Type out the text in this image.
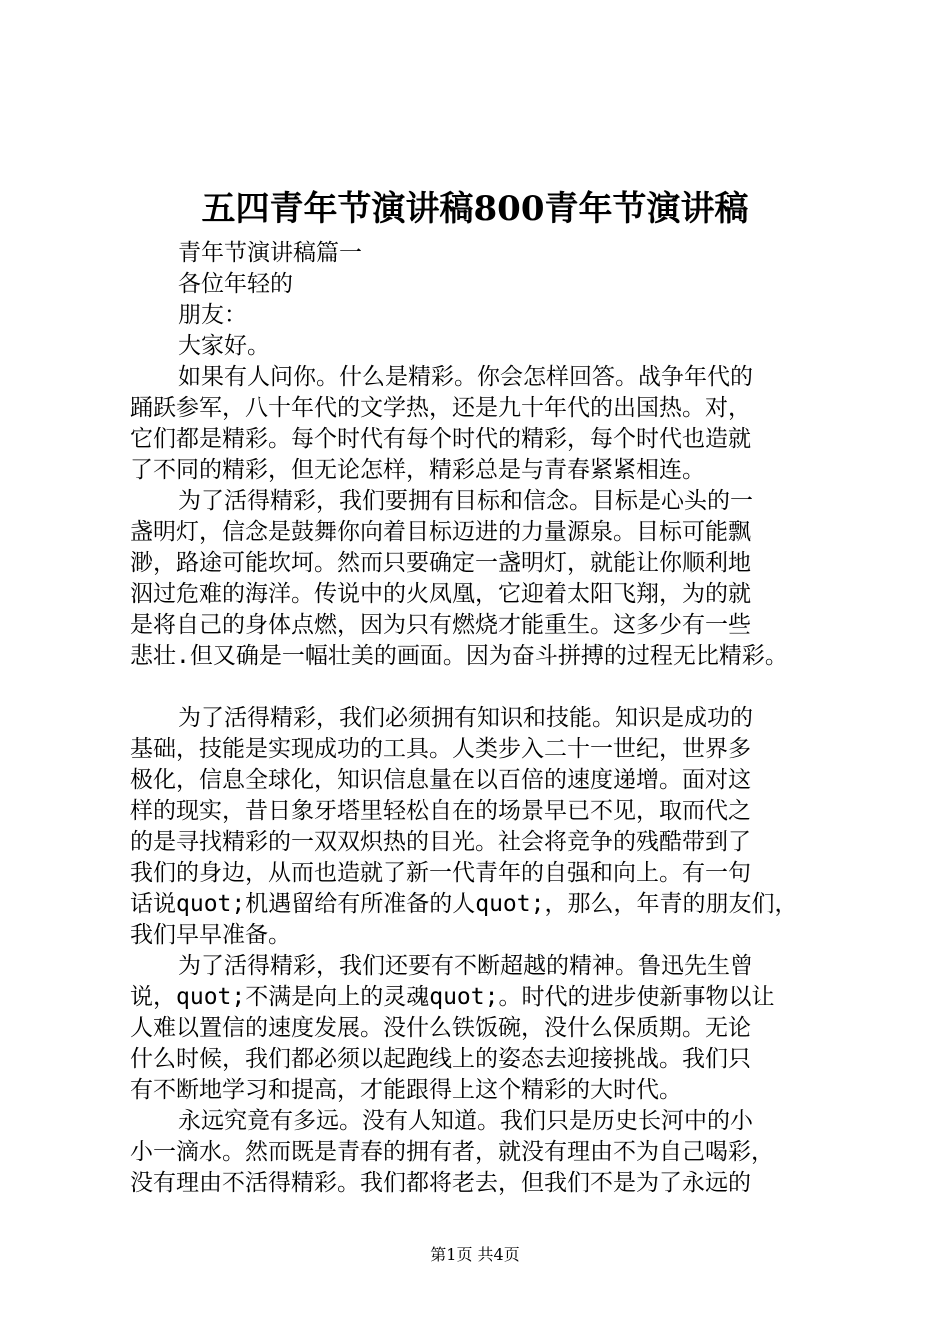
五四青年节演讲稿800青年节演讲稿
青年节演讲稿篇一
各位年轻的
朋友：
大家好。
如果有人问你。什么是精彩。你会怎样回答。战争年代的
踊跃参军，八十年代的文学热，还是九十年代的出国热。对，
它们都是精彩。每个时代有每个时代的精彩，每个时代也造就
了不同的精彩，但无论怎样，精彩总是与青春紧紧相连。
为了活得精彩，我们要拥有目标和信念。目标是心头的一
盏明灯，信念是鼓舞你向着目标迈进的力量源泉。目标可能飘
渺，路途可能坎坷。然而只要确定一盏明灯，就能让你顺利地
泅过危难的海洋。传说中的火凤凰，它迎着太阳飞翔，为的就
是将自己的身体点燃，因为只有燃烧才能重生。这多少有一些
悲壮.但又确是一幅壮美的画面。因为奋斗拼搏的过程无比精彩。
为了活得精彩，我们必须拥有知识和技能。知识是成功的
基础，技能是实现成功的工具。人类步入二十一世纪，世界多
极化，信息全球化，知识信息量在以百倍的速度递增。面对这
样的现实，昔日象牙塔里轻松自在的场景早已不见，取而代之
的是寻找精彩的一双双炽热的目光。社会将竞争的残酷带到了
我们的身边，从而也造就了新一代青年的自强和向上。有一句
话说quot;机遇留给有所准备的人quot;，那么，年青的朋友们，
我们早早准备。
为了活得精彩，我们还要有不断超越的精神。鲁迅先生曾
说，quot;不满是向上的灵魂quot;。时代的进步使新事物以让
人难以置信的速度发展。没什么铁饭碗，没什么保质期。无论
什么时候，我们都必须以起跑线上的姿态去迎接挑战。我们只
有不断地学习和提高，才能跟得上这个精彩的大时代。
永远究竟有多远。没有人知道。我们只是历史长河中的小
小一滴水。然而既是青春的拥有者，就没有理由不为自己喝彩，
没有理由不活得精彩。我们都将老去，但我们不是为了永远的
第1页 共4页
